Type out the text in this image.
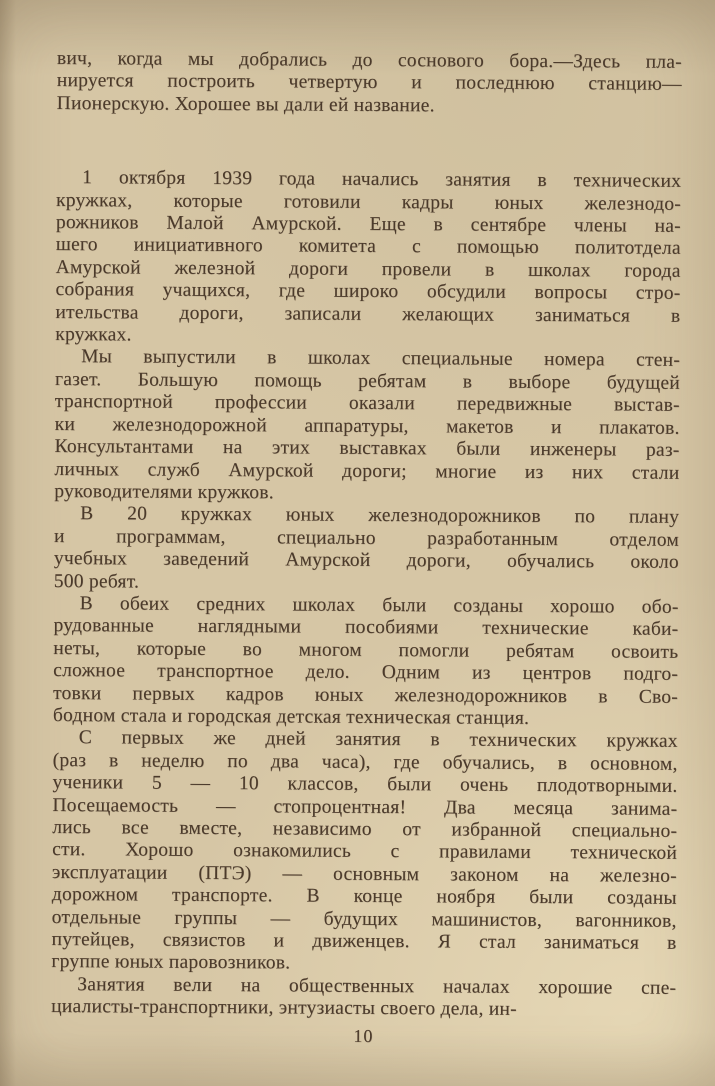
вич, когда мы добрались до соснового бора.—Здесь пла-
нируется построить четвертую и последнюю станцию—
Пионерскую. Хорошее вы дали ей название.
1 октября 1939 года начались занятия в технических
кружках, которые готовили кадры юных железнодо-
рожников Малой Амурской. Еще в сентябре члены на-
шего инициативного комитета с помощью политотдела
Амурской железной дороги провели в школах города
собрания учащихся, где широко обсудили вопросы стро-
ительства дороги, записали желающих заниматься в
кружках.
Мы выпустили в школах специальные номера стен-
газет. Большую помощь ребятам в выборе будущей
транспортной профессии оказали передвижные выстав-
ки железнодорожной аппаратуры, макетов и плакатов.
Консультантами на этих выставках были инженеры раз-
личных служб Амурской дороги; многие из них стали
руководителями кружков.
В 20 кружках юных железнодорожников по плану
и программам, специально разработанным отделом
учебных заведений Амурской дороги, обучались около
500 ребят.
В обеих средних школах были созданы хорошо обо-
рудованные наглядными пособиями технические каби-
неты, которые во многом помогли ребятам освоить
сложное транспортное дело. Одним из центров подго-
товки первых кадров юных железнодорожников в Сво-
бодном стала и городская детская техническая станция.
С первых же дней занятия в технических кружках
(раз в неделю по два часа), где обучались, в основном,
ученики 5 — 10 классов, были очень плодотворными.
Посещаемость — стопроцентная! Два месяца занима-
лись все вместе, независимо от избранной специально-
сти. Хорошо ознакомились с правилами технической
эксплуатации (ПТЭ) — основным законом на железно-
дорожном транспорте. В конце ноября были созданы
отдельные группы — будущих машинистов, вагонников,
путейцев, связистов и движенцев. Я стал заниматься в
группе юных паровозников.
Занятия вели на общественных началах хорошие спе-
циалисты-транспортники, энтузиасты своего дела, ин-
10
